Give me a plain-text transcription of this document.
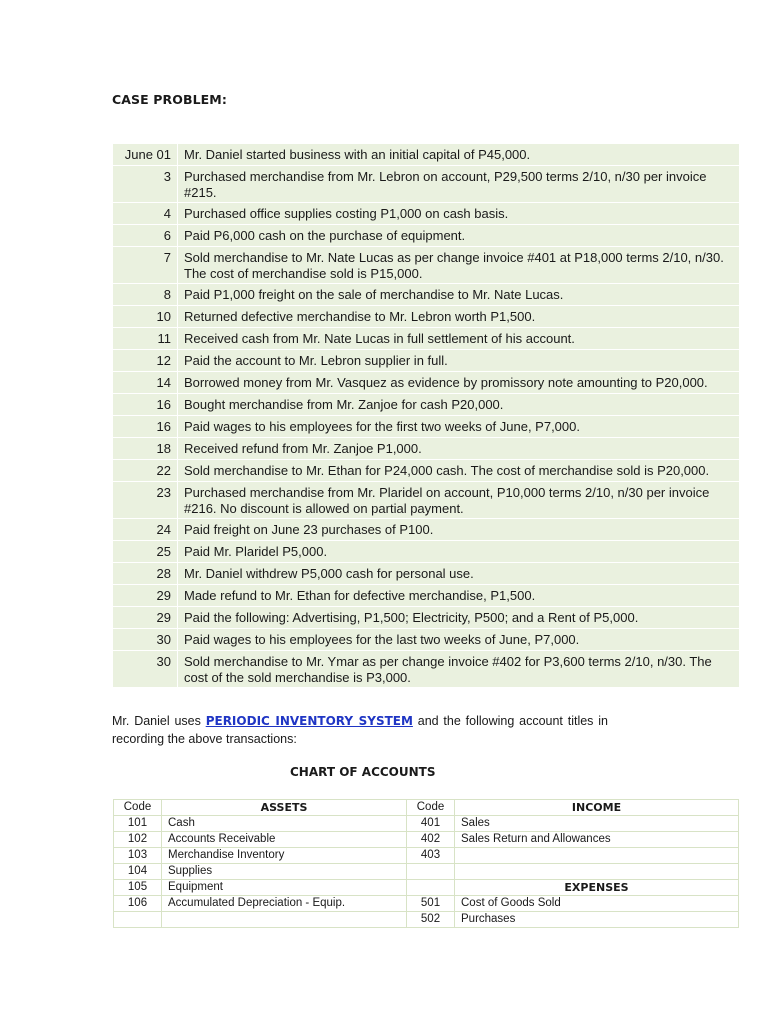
CASE PROBLEM:
June 01	Mr. Daniel started business with an initial capital of P45,000.
3	Purchased merchandise from Mr. Lebron on account, P29,500 terms 2/10, n/30 per invoice #215.
4	Purchased office supplies costing P1,000 on cash basis.
6	Paid P6,000 cash on the purchase of equipment.
7	Sold merchandise to Mr. Nate Lucas as per change invoice #401 at P18,000 terms 2/10, n/30. The cost of merchandise sold is P15,000.
8	Paid P1,000 freight on the sale of merchandise to Mr. Nate Lucas.
10	Returned defective merchandise to Mr. Lebron worth P1,500.
11	Received cash from Mr. Nate Lucas in full settlement of his account.
12	Paid the account to Mr. Lebron supplier in full.
14	Borrowed money from Mr. Vasquez as evidence by promissory note amounting to P20,000.
16	Bought merchandise from Mr. Zanjoe for cash P20,000.
16	Paid wages to his employees for the first two weeks of June, P7,000.
18	Received refund from Mr. Zanjoe P1,000.
22	Sold merchandise to Mr. Ethan for P24,000 cash. The cost of merchandise sold is P20,000.
23	Purchased merchandise from Mr. Plaridel on account, P10,000 terms 2/10, n/30 per invoice #216. No discount is allowed on partial payment.
24	Paid freight on June 23 purchases of P100.
25	Paid Mr. Plaridel P5,000.
28	Mr. Daniel withdrew P5,000 cash for personal use.
29	Made refund to Mr. Ethan for defective merchandise, P1,500.
29	Paid the following: Advertising, P1,500; Electricity, P500; and a Rent of P5,000.
30	Paid wages to his employees for the last two weeks of June, P7,000.
30	Sold merchandise to Mr. Ymar as per change invoice #402 for P3,600 terms 2/10, n/30. The cost of the sold merchandise is P3,000.
Mr. Daniel uses PERIODIC INVENTORY SYSTEM and the following account titles in recording the above transactions:
CHART OF ACCOUNTS
Code	ASSETS	Code	INCOME
101	Cash	401	Sales
102	Accounts Receivable	402	Sales Return and Allowances
103	Merchandise Inventory	403	
104	Supplies		
105	Equipment		EXPENSES
106	Accumulated Depreciation - Equip.	501	Cost of Goods Sold
		502	Purchases
